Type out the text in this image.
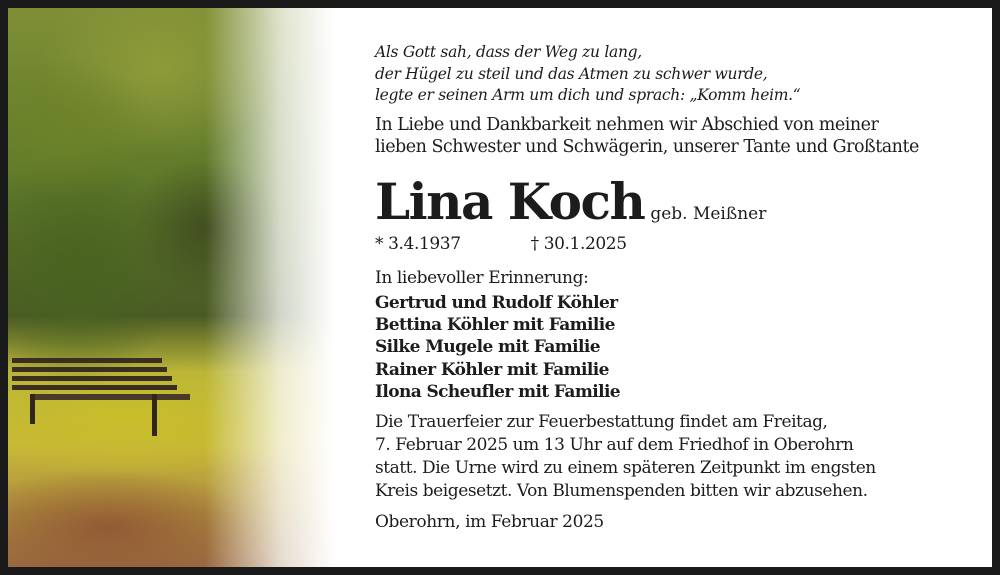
Als Gott sah, dass der Weg zu lang,
der Hügel zu steil und das Atmen zu schwer wurde,
legte er seinen Arm um dich und sprach: „Komm heim.“
In Liebe und Dankbarkeit nehmen wir Abschied von meiner
lieben Schwester und Schwägerin, unserer Tante und Großtante
Lina Koch geb. Meißner
* 3.4.1937	† 30.1.2025
In liebevoller Erinnerung:
Gertrud und Rudolf Köhler
Bettina Köhler mit Familie
Silke Mugele mit Familie
Rainer Köhler mit Familie
Ilona Scheufler mit Familie
Die Trauerfeier zur Feuerbestattung findet am Freitag,
7. Februar 2025 um 13 Uhr auf dem Friedhof in Oberohrn
statt. Die Urne wird zu einem späteren Zeitpunkt im engsten
Kreis beigesetzt. Von Blumenspenden bitten wir abzusehen.
Oberohrn, im Februar 2025
